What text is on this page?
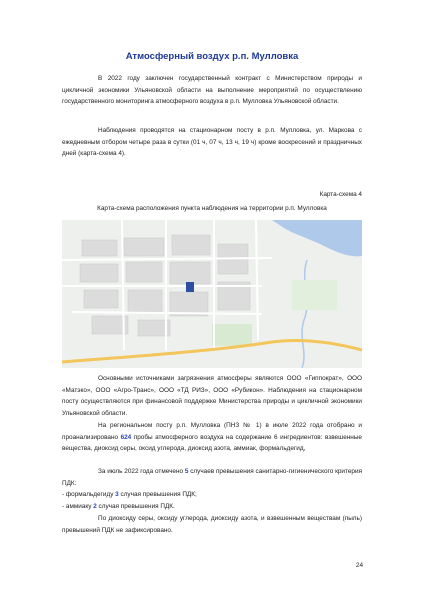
Атмосферный воздух р.п. Мулловка

В 2022 году заключен государственный контракт с Министерством природы и цикличной экономики Ульяновской области на выполнение мероприятий по осуществлению государственного мониторинга атмосферного воздуха в р.п. Мулловка Ульяновской области.

Наблюдения проводятся на стационарном посту в р.п. Мулловка, ул. Маркова с ежедневным отбором четыре раза в сутки (01 ч, 07 ч, 13 ч, 19 ч) кроме воскресений и праздничных дней (карта-схема 4).

Карта-схема 4
Карта-схема расположения пункта наблюдения на территории р.п. Мулловка

Основными источниками загрязнения атмосферы являются ООО «Гиппократ», ООО «Матэко», ООО «Агро-Транс», ООО «ТД РИЗ», ООО «Рубикон». Наблюдения на стационарном посту осуществляются при финансовой поддержке Министерства природы и цикличной экономики Ульяновской области.

На региональном посту р.п. Мулловка (ПНЗ № 1) в июле 2022 года отобрано и проанализировано 624 пробы атмосферного воздуха на содержание 6 ингредиентов: взвешенные вещества, диоксид серы, оксид углерода, диоксид азота, аммиак, формальдегид,

За июль 2022 года отмечено 5 случаев превышения санитарно-гигиенического критерия ПДК:

- формальдегиду 3 случая превышения ПДК;
- аммиаку 2 случая превышения ПДК.

По диоксиду серы, оксиду углерода, диоксиду азота, и взвешенным веществам (пыль) превышений ПДК не зафиксировано.

24
